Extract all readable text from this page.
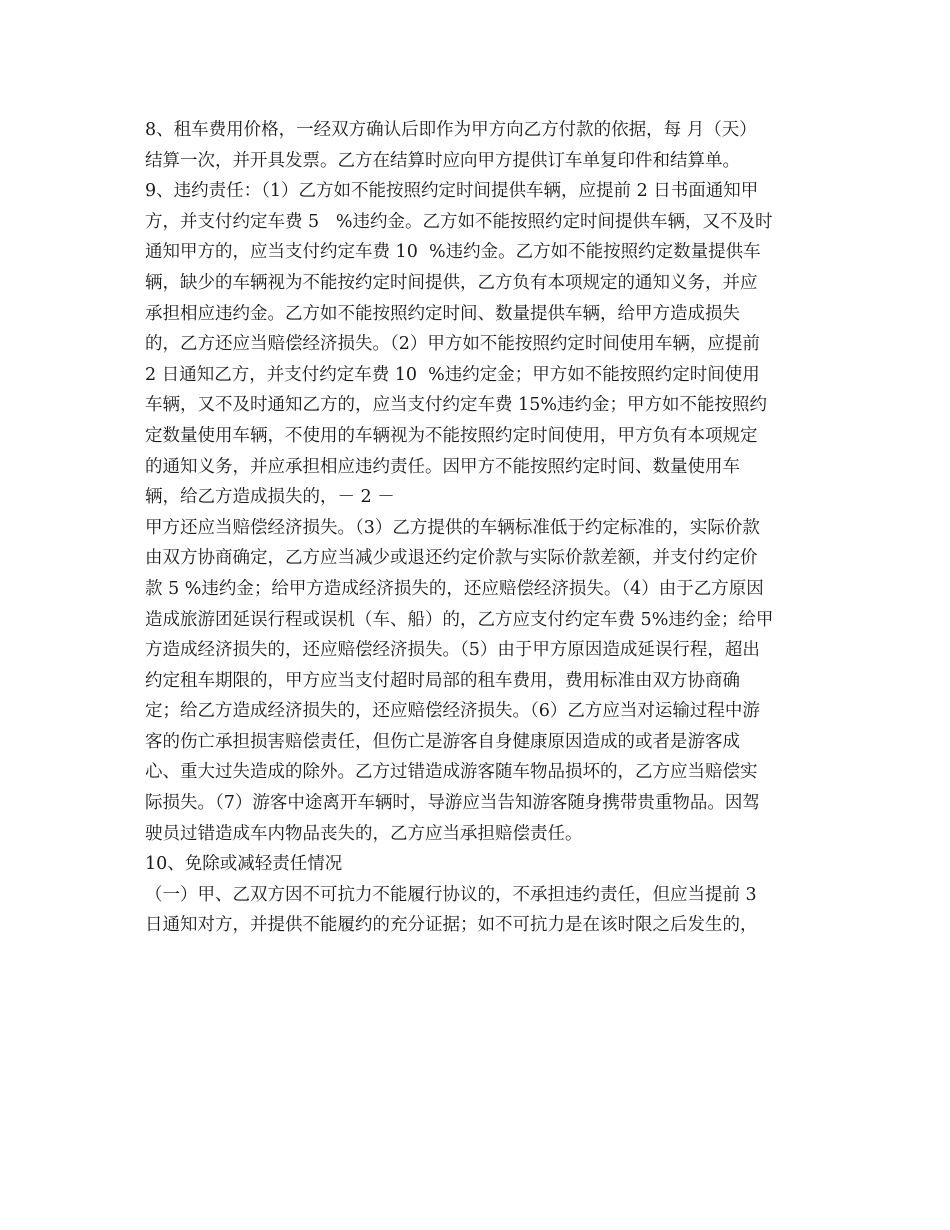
8、租车费用价格，一经双方确认后即作为甲方向乙方付款的依据，每 月（天）
结算一次，并开具发票。乙方在结算时应向甲方提供订车单复印件和结算单。
9、违约责任：（1）乙方如不能按照约定时间提供车辆，应提前 2 日书面通知甲
方，并支付约定车费 5   %违约金。乙方如不能按照约定时间提供车辆，又不及时
通知甲方的，应当支付约定车费 10  %违约金。乙方如不能按照约定数量提供车
辆，缺少的车辆视为不能按约定时间提供，乙方负有本项规定的通知义务，并应
承担相应违约金。乙方如不能按照约定时间、数量提供车辆，给甲方造成损失
的，乙方还应当赔偿经济损失。（2）甲方如不能按照约定时间使用车辆，应提前
2 日通知乙方，并支付约定车费 10  %违约定金；甲方如不能按照约定时间使用
车辆，又不及时通知乙方的，应当支付约定车费 15%违约金；甲方如不能按照约
定数量使用车辆，不使用的车辆视为不能按照约定时间使用，甲方负有本项规定
的通知义务，并应承担相应违约责任。因甲方不能按照约定时间、数量使用车
辆，给乙方造成损失的，－ 2 －
甲方还应当赔偿经济损失。（3）乙方提供的车辆标准低于约定标准的，实际价款
由双方协商确定，乙方应当减少或退还约定价款与实际价款差额，并支付约定价
款 5 %违约金；给甲方造成经济损失的，还应赔偿经济损失。（4）由于乙方原因
造成旅游团延误行程或误机（车、船）的，乙方应支付约定车费 5%违约金；给甲
方造成经济损失的，还应赔偿经济损失。（5）由于甲方原因造成延误行程，超出
约定租车期限的，甲方应当支付超时局部的租车费用，费用标准由双方协商确
定；给乙方造成经济损失的，还应赔偿经济损失。（6）乙方应当对运输过程中游
客的伤亡承担损害赔偿责任，但伤亡是游客自身健康原因造成的或者是游客成
心、重大过失造成的除外。乙方过错造成游客随车物品损坏的，乙方应当赔偿实
际损失。（7）游客中途离开车辆时，导游应当告知游客随身携带贵重物品。因驾
驶员过错造成车内物品丧失的，乙方应当承担赔偿责任。
10、免除或减轻责任情况
（一）甲、乙双方因不可抗力不能履行协议的，不承担违约责任，但应当提前 3
日通知对方，并提供不能履约的充分证据；如不可抗力是在该时限之后发生的，
